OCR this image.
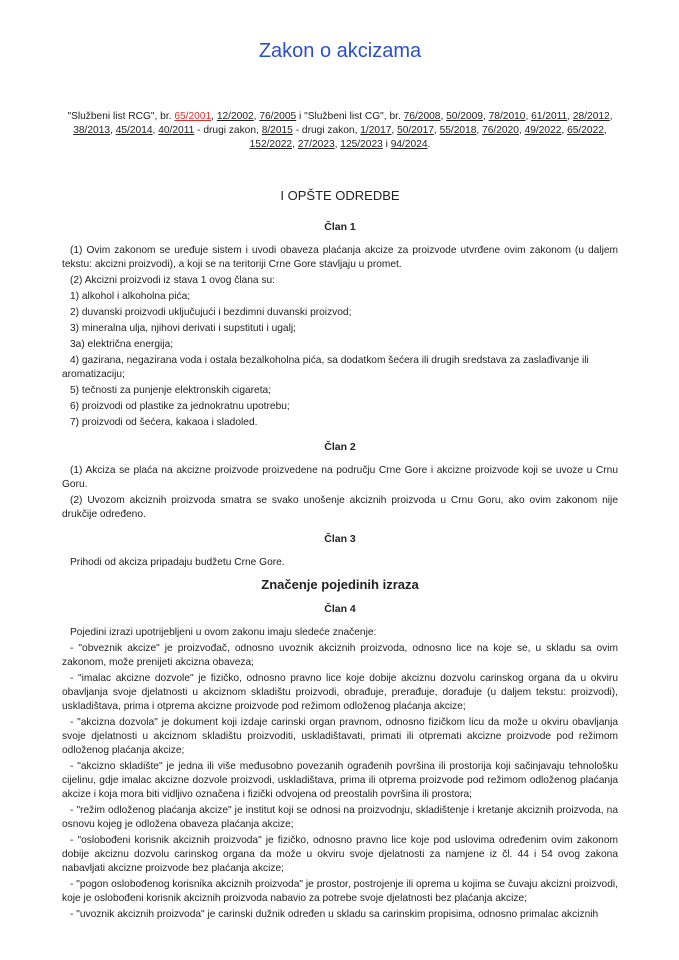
Zakon o akcizama
"Službeni list RCG", br. 65/2001, 12/2002, 76/2005 i "Službeni list CG", br. 76/2008, 50/2009, 78/2010, 61/2011, 28/2012, 38/2013, 45/2014, 40/2011 - drugi zakon, 8/2015 - drugi zakon, 1/2017, 50/2017, 55/2018, 76/2020, 49/2022, 65/2022, 152/2022, 27/2023, 125/2023 i 94/2024.
I OPŠTE ODREDBE
Član 1

(1) Ovim zakonom se uređuje sistem i uvodi obaveza plaćanja akcize za proizvode utvrđene ovim zakonom (u daljem tekstu: akcizni proizvodi), a koji se na teritoriji Crne Gore stavljaju u promet.

(2) Akcizni proizvodi iz stava 1 ovog člana su:

1) alkohol i alkoholna pića;

2) duvanski proizvodi uključujući i bezdimni duvanski proizvod;

3) mineralna ulja, njihovi derivati i supstituti i ugalj;

3a) električna energija;

4) gazirana, negazirana voda i ostala bezalkoholna pića, sa dodatkom šećera ili drugih sredstava za zaslađivanje ili aromatizaciju;

5) tečnosti za punjenje elektronskih cigareta;

6) proizvodi od plastike za jednokratnu upotrebu;

7) proizvodi od šećera, kakaoa i sladoled.

Član 2

(1) Akciza se plaća na akcizne proizvode proizvedene na području Crne Gore i akcizne proizvode koji se uvoze u Crnu Goru.

(2) Uvozom akciznih proizvoda smatra se svako unošenje akciznih proizvoda u Crnu Goru, ako ovim zakonom nije drukčije određeno.

Član 3

Prihodi od akciza pripadaju budžetu Crne Gore.

Značenje pojedinih izraza
Član 4

Pojedini izrazi upotrijebljeni u ovom zakonu imaju sledeće značenje:

- "obveznik akcize" je proizvođač, odnosno uvoznik akciznih proizvoda, odnosno lice na koje se, u skladu sa ovim zakonom, može prenijeti akcizna obaveza;

- "imalac akcizne dozvole" je fizičko, odnosno pravno lice koje dobije akciznu dozvolu carinskog organa da u okviru obavljanja svoje djelatnosti u akciznom skladištu proizvodi, obrađuje, prerađuje, dorađuje (u daljem tekstu: proizvodi), uskladištava, prima i otprema akcizne proizvode pod režimom odloženog plaćanja akcize;

- "akcizna dozvola" je dokument koji izdaje carinski organ pravnom, odnosno fizičkom licu da može u okviru obavljanja svoje djelatnosti u akciznom skladištu proizvoditi, uskladištavati, primati ili otpremati akcizne proizvode pod režimom odloženog plaćanja akcize;

- "akcizno skladište" je jedna ili više međusobno povezanih ograđenih površina ili prostorija koji sačinjavaju tehnološku cijelinu, gdje imalac akcizne dozvole proizvodi, uskladištava, prima ili otprema proizvode pod režimom odloženog plaćanja akcize i koja mora biti vidljivo označena i fizički odvojena od preostalih površina ili prostora;

- "režim odloženog plaćanja akcize" je institut koji se odnosi na proizvodnju, skladištenje i kretanje akciznih proizvoda, na osnovu kojeg je odložena obaveza plaćanja akcize;

- "oslobođeni korisnik akciznih proizvoda" je fizičko, odnosno pravno lice koje pod uslovima određenim ovim zakonom dobije akciznu dozvolu carinskog organa da može u okviru svoje djelatnosti za namjene iz čl. 44 i 54 ovog zakona nabavljati akcizne proizvode bez plaćanja akcize;

- "pogon oslobođenog korisnika akciznih proizvoda" je prostor, postrojenje ili oprema u kojima se čuvaju akcizni proizvodi, koje je oslobođeni korisnik akciznih proizvoda nabavio za potrebe svoje djelatnosti bez plaćanja akcize;

- "uvoznik akciznih proizvoda" je carinski dužnik određen u skladu sa carinskim propisima, odnosno primalac akciznih
